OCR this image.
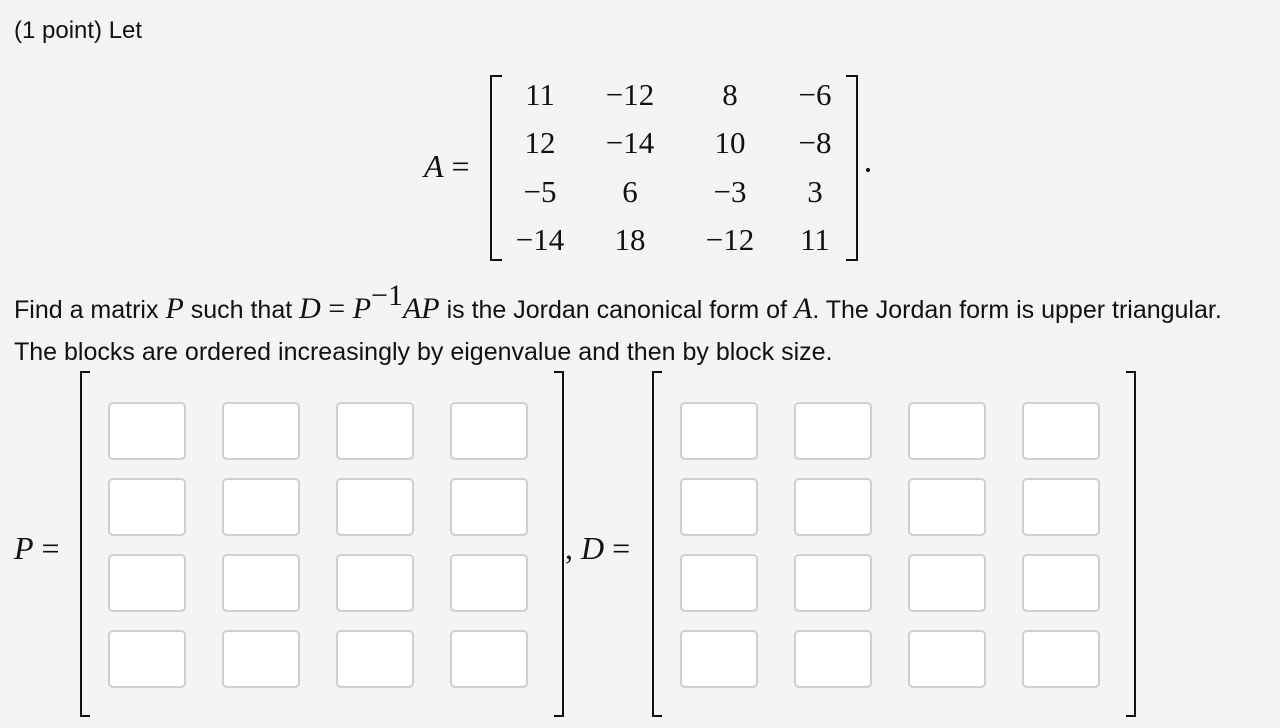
(1 point) Let
A =
11	−12	8	−6
12	−14	10	−8
−5	6	−3	3
−14	18	−12	11
Find a matrix P such that $D = P^{-1}AP$ is the Jordan canonical form of A. The Jordan form is upper triangular. The blocks are ordered increasingly by eigenvalue and then by block size.
P =	, D =
